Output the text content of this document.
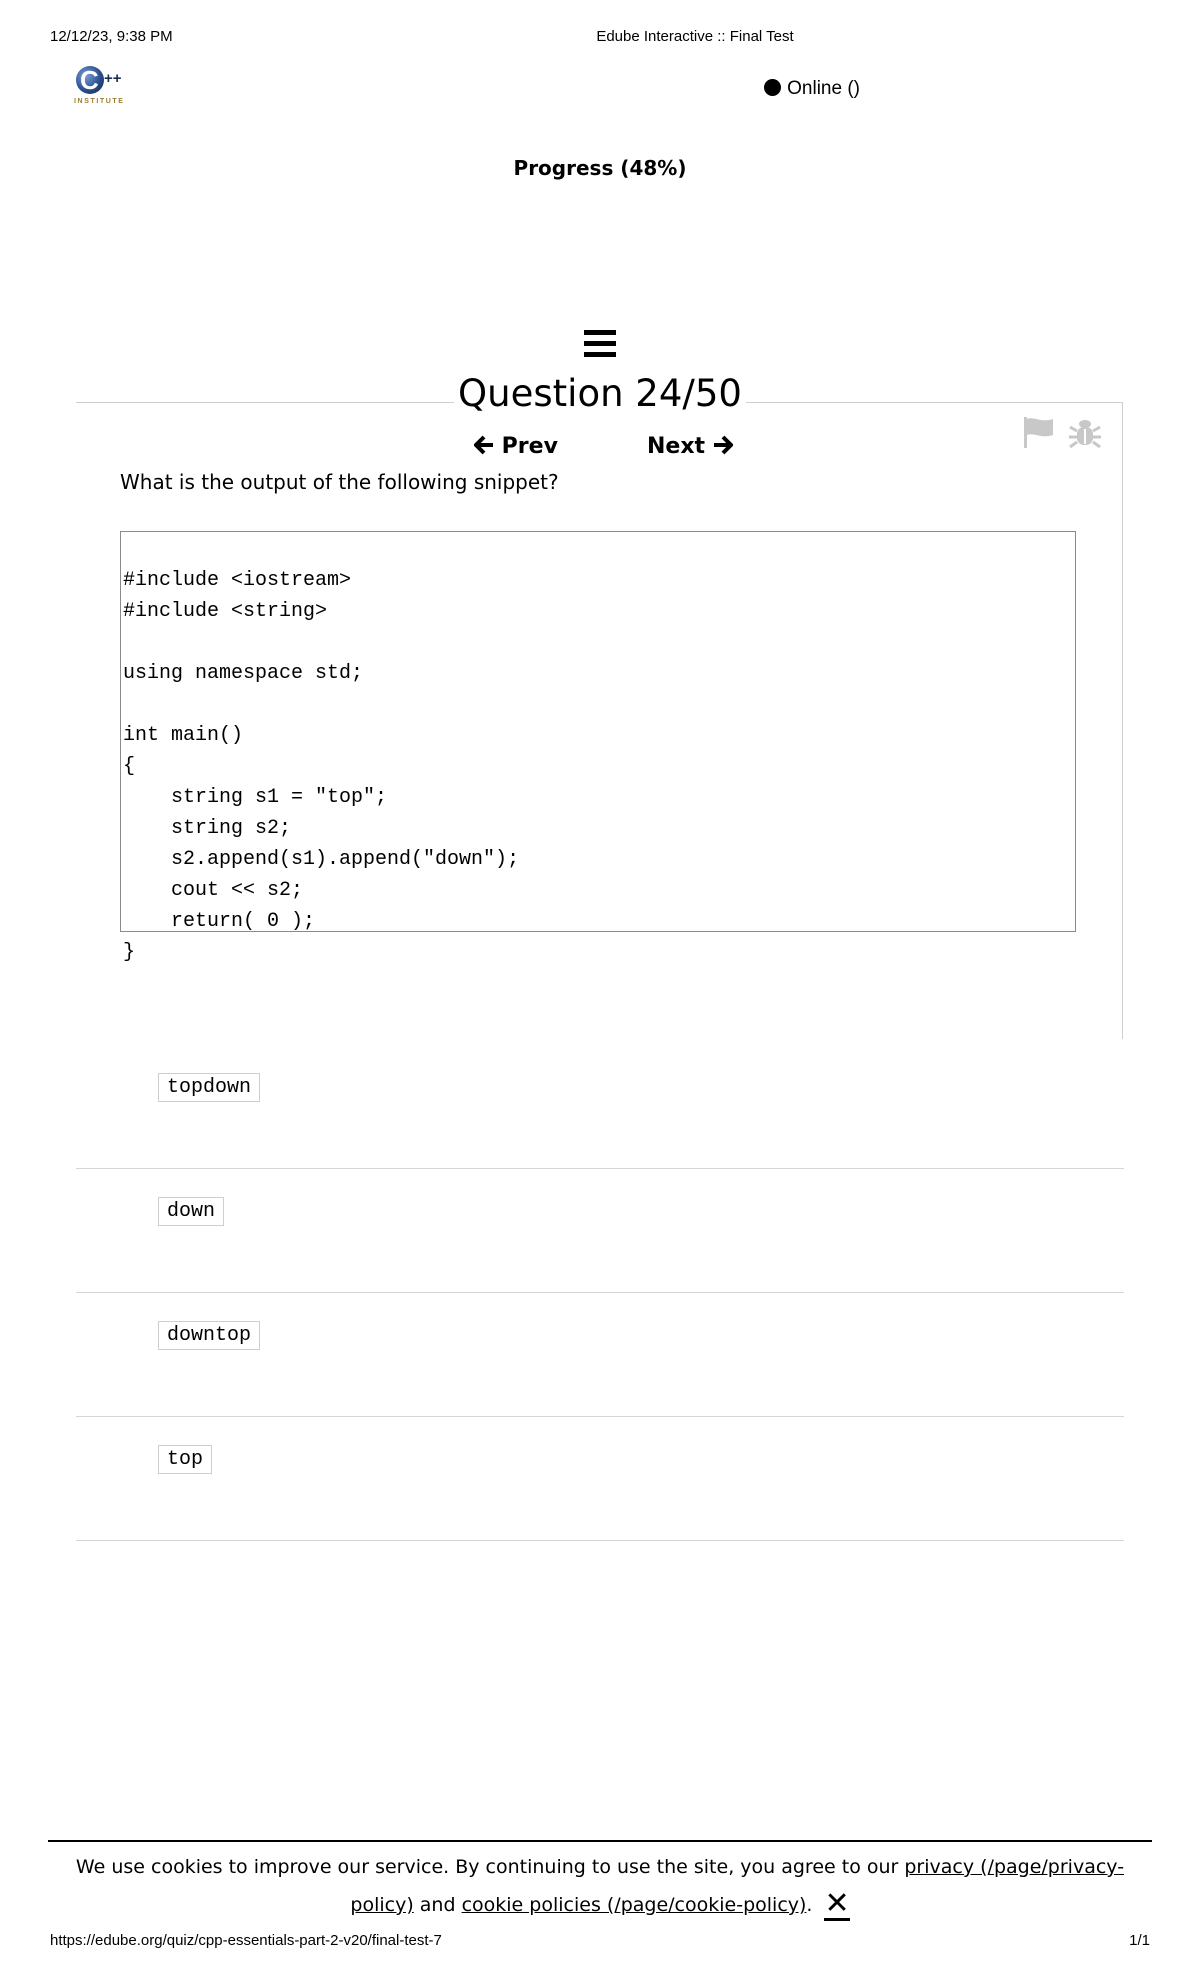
12/12/23, 9:38 PM	Edube Interactive :: Final Test
C ++
INSTITUTE
Online ()
Progress (48%)
Question 24/50
Prev	Next
What is the output of the following snippet?

#include <iostream>
#include <string>
using namespace std;
int main()
{
string s1 = "top";
string s2;
s2.append(s1).append("down");
cout << s2;
return( 0 );
}

topdown
down
downtop
top
We use cookies to improve our service. By continuing to use the site, you agree to our privacy (/page/privacy-policy) and cookie policies (/page/cookie-policy). ✕
https://edube.org/quiz/cpp-essentials-part-2-v20/final-test-7	1/1
